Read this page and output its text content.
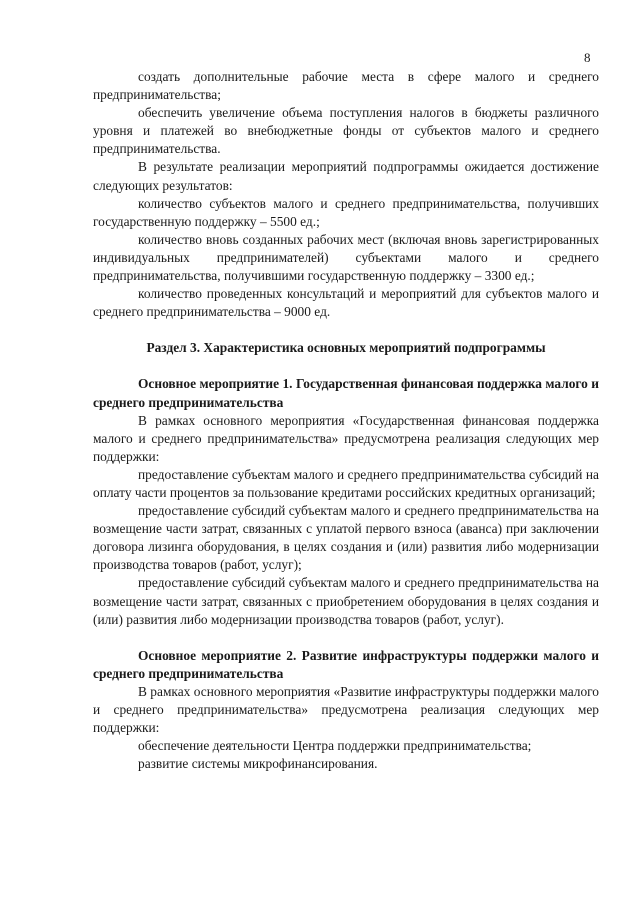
8

создать дополнительные рабочие места в сфере малого и среднего предпринимательства;

обеспечить увеличение объема поступления налогов в бюджеты различного уровня и платежей во внебюджетные фонды от субъектов малого и среднего предпринимательства.

В результате реализации мероприятий подпрограммы ожидается достижение следующих результатов:

количество субъектов малого и среднего предпринимательства, получивших государственную поддержку – 5500 ед.;

количество вновь созданных рабочих мест (включая вновь зарегистрированных индивидуальных предпринимателей) субъектами малого и среднего предпринимательства, получившими государственную поддержку – 3300 ед.;

количество проведенных консультаций и мероприятий для субъектов малого и среднего предпринимательства – 9000 ед.

Раздел 3. Характеристика основных мероприятий подпрограммы

Основное мероприятие 1. Государственная финансовая поддержка малого и среднего предпринимательства

В рамках основного мероприятия «Государственная финансовая поддержка малого и среднего предпринимательства» предусмотрена реализация следующих мер поддержки:

предоставление субъектам малого и среднего предпринимательства субсидий на оплату части процентов за пользование кредитами российских кредитных организаций;

предоставление субсидий субъектам малого и среднего предпринимательства на возмещение части затрат, связанных с уплатой первого взноса (аванса) при заключении договора лизинга оборудования, в целях создания и (или) развития либо модернизации производства товаров (работ, услуг);

предоставление субсидий субъектам малого и среднего предпринимательства на возмещение части затрат, связанных с приобретением оборудования в целях создания и (или) развития либо модернизации производства товаров (работ, услуг).

Основное мероприятие 2. Развитие инфраструктуры поддержки малого и среднего предпринимательства

В рамках основного мероприятия «Развитие инфраструктуры поддержки малого и среднего предпринимательства» предусмотрена реализация следующих мер поддержки:

обеспечение деятельности Центра поддержки предпринимательства;

развитие системы микрофинансирования.
